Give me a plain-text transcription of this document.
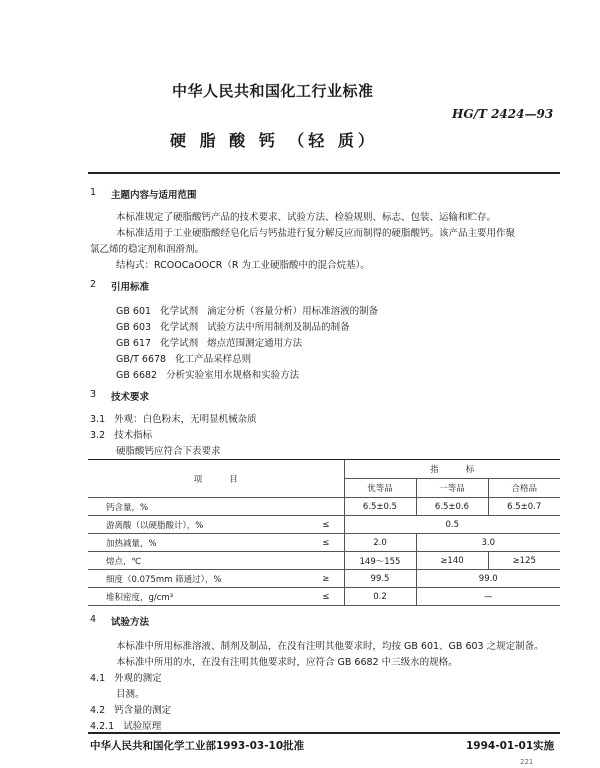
中华人民共和国化工行业标准
HG/T 2424—93
硬 脂 酸 钙 （轻 质）
1 主题内容与适用范围
本标准规定了硬脂酸钙产品的技术要求、试验方法、检验规则、标志、包装、运输和贮存。
本标准适用于工业硬脂酸经皂化后与钙盐进行复分解反应而制得的硬脂酸钙。该产品主要用作聚
氯乙烯的稳定剂和润滑剂。
结构式：RCOOCaOOCR（R 为工业硬脂酸中的混合烷基）。
2 引用标准
GB 601   化学试剂   滴定分析（容量分析）用标准溶液的制备
GB 603   化学试剂   试验方法中所用制剂及制品的制备
GB 617   化学试剂   熔点范围测定通用方法
GB/T 6678   化工产品采样总则
GB 6682   分析实验室用水规格和实验方法
3 技术要求
3.1   外观：白色粉末，无明显机械杂质
3.2   技术指标
硬脂酸钙应符合下表要求
项          目		指          标		
		优等品	一等品	合格品
钙含量，%		6.5±0.5	6.5±0.6	6.5±0.7
游离酸（以硬脂酸计），%	≤	0.5		
加热减量，%	≤	2.0	3.0	
熔点，℃		149～155	≥140	≥125
细度（0.075mm 筛通过），%	≥	99.5	99.0	
堆积密度，g/cm³	≤	0.2	—	
4 试验方法
本标准中所用标准溶液、制剂及制品，在没有注明其他要求时，均按 GB 601、GB 603 之规定制备。
本标准中所用的水，在没有注明其他要求时，应符合 GB 6682 中三级水的规格。
4.1   外观的测定
目测。
4.2   钙含量的测定
4.2.1   试验原理
中华人民共和国化学工业部1993-03-10批准	1994-01-01实施
221
